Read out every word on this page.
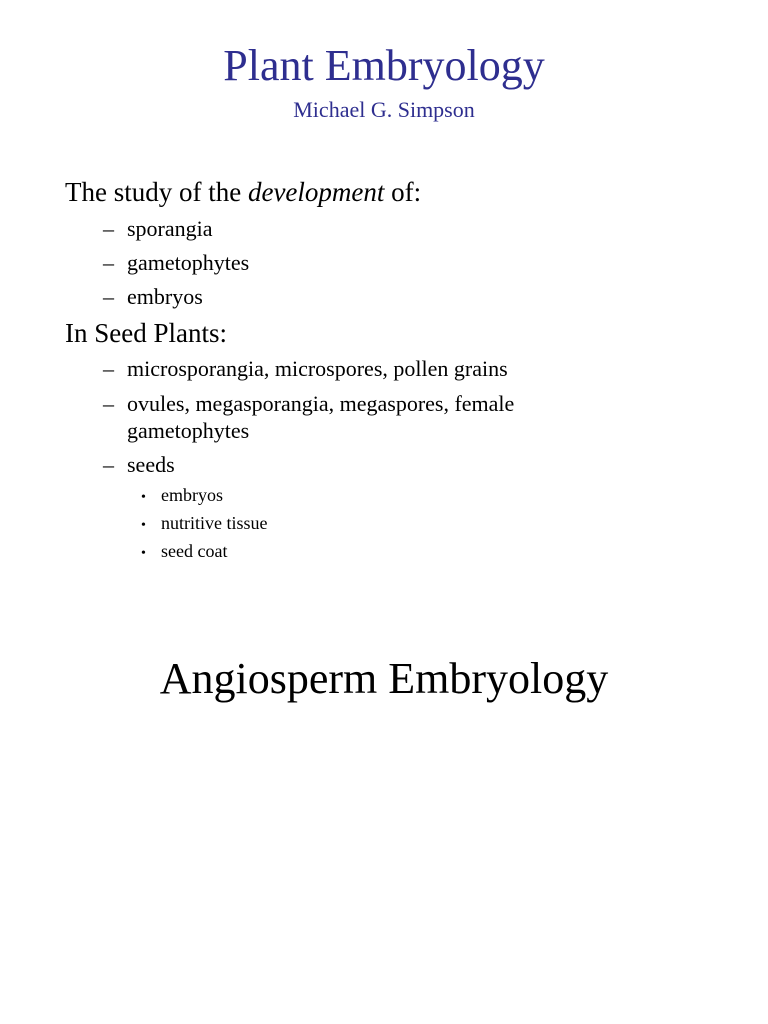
Plant Embryology
Michael G. Simpson
The study of the development of:
– sporangia
– gametophytes
– embryos
In Seed Plants:
– microsporangia, microspores, pollen grains
– ovules, megasporangia, megaspores, female
gametophytes
– seeds
• embryos
• nutritive tissue
• seed coat
Angiosperm Embryology
